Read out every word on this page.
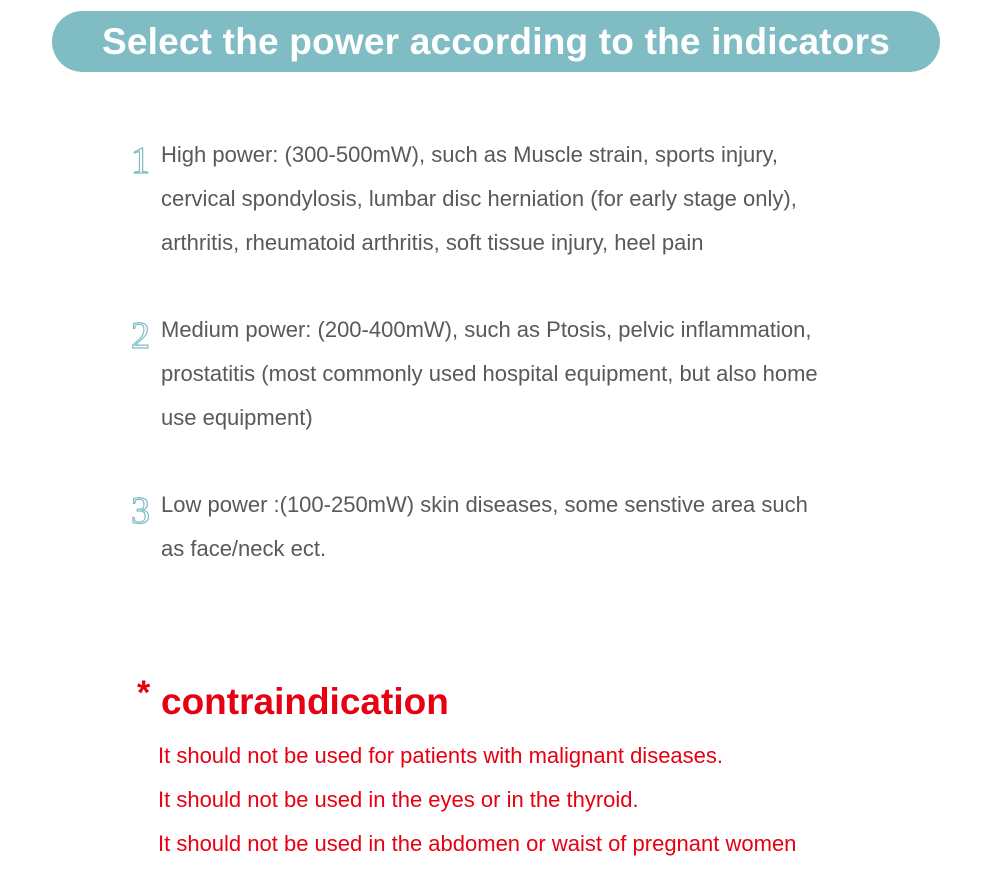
Select the power according to the indicators
1 High power: (300-500mW), such as Muscle strain, sports injury,
cervical spondylosis, lumbar disc herniation (for early stage only),
arthritis, rheumatoid arthritis, soft tissue injury, heel pain
2 Medium power: (200-400mW), such as Ptosis, pelvic inflammation,
prostatitis (most commonly used hospital equipment, but also home
use equipment)
3 Low power :(100-250mW) skin diseases, some senstive area such
as face/neck ect.
* contraindication
It should not be used for patients with malignant diseases.
It should not be used in the eyes or in the thyroid.
It should not be used in the abdomen or waist of pregnant women
